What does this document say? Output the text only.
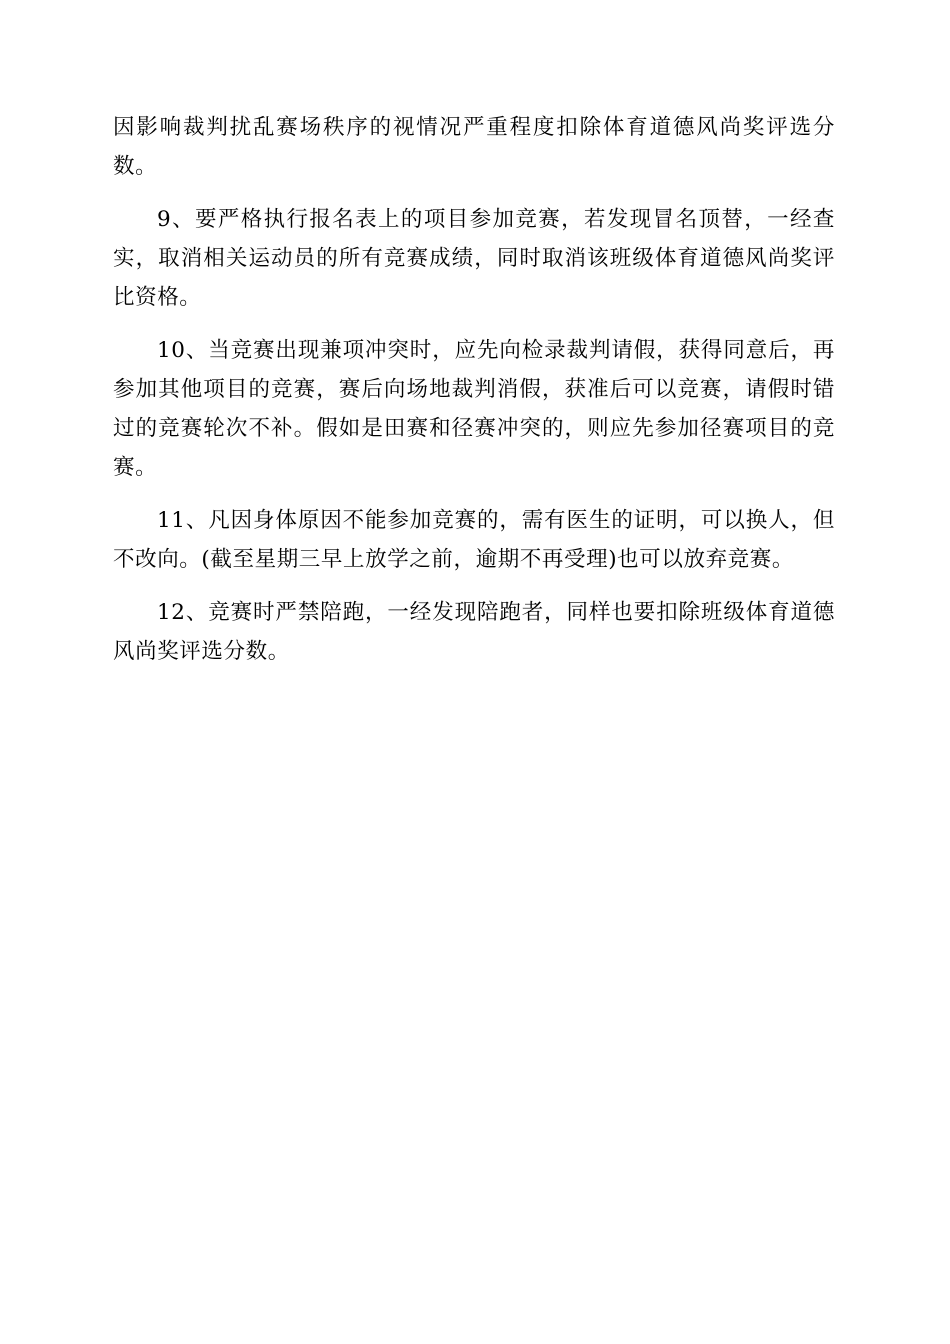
因影响裁判扰乱赛场秩序的视情况严重程度扣除体育道德风尚奖评选分数。

9、要严格执行报名表上的项目参加竞赛，若发现冒名顶替，一经查实，取消相关运动员的所有竞赛成绩，同时取消该班级体育道德风尚奖评比资格。

10、当竞赛出现兼项冲突时，应先向检录裁判请假，获得同意后，再参加其他项目的竞赛，赛后向场地裁判消假，获准后可以竞赛，请假时错过的竞赛轮次不补。假如是田赛和径赛冲突的，则应先参加径赛项目的竞赛。

11、凡因身体原因不能参加竞赛的，需有医生的证明，可以换人，但不改向。(截至星期三早上放学之前，逾期不再受理)也可以放弃竞赛。

12、竞赛时严禁陪跑，一经发现陪跑者，同样也要扣除班级体育道德风尚奖评选分数。
